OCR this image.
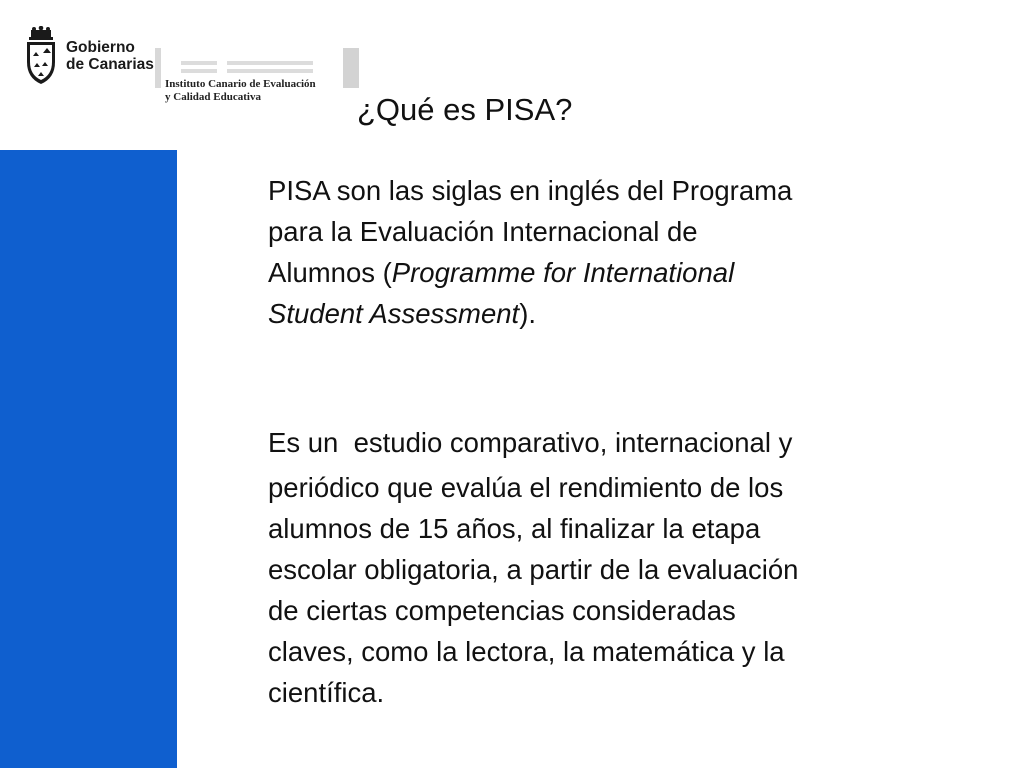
Gobierno
de Canarias
Instituto Canario de Evaluación
y Calidad Educativa	¿Qué es PISA?

PISA son las siglas en inglés del Programa
para la Evaluación Internacional de
Alumnos (Programme for International
Student Assessment).

Es un  estudio comparativo, internacional y
periódico que evalúa el rendimiento de los
alumnos de 15 años, al finalizar la etapa
escolar obligatoria, a partir de la evaluación
de ciertas competencias consideradas
claves, como la lectora, la matemática y la
científica.
